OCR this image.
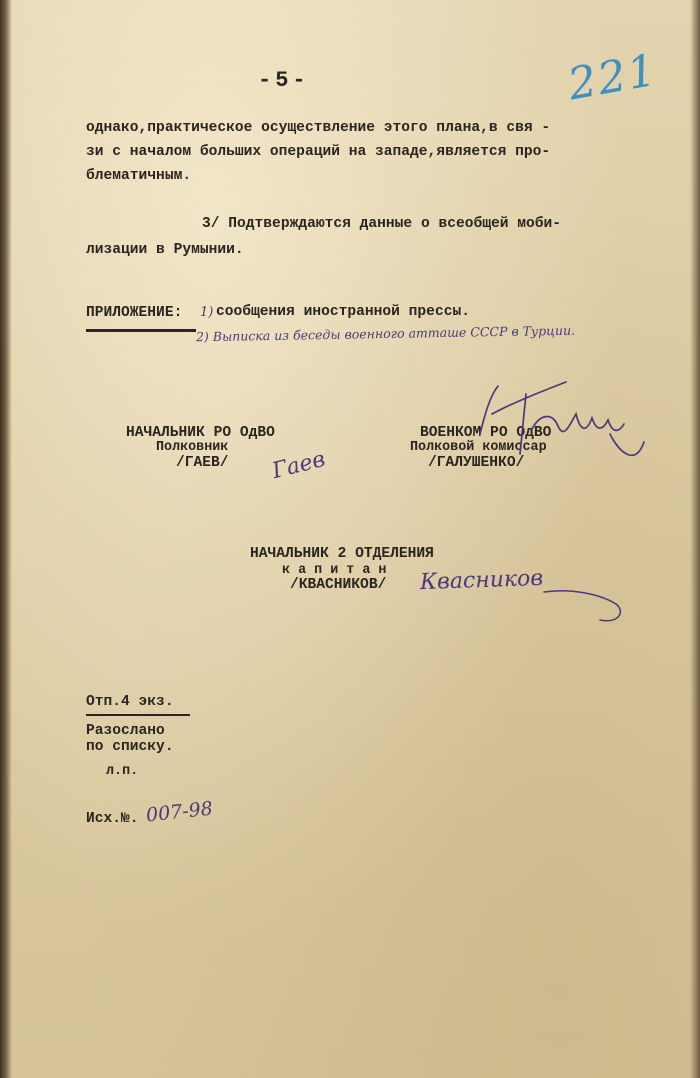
-5-	221
однако,практическое осуществление этого плана,в свя -
зи с началом больших операций на западе,является про-
блематичным.
3/ Подтверждаются данные о всеобщей моби-
лизации в Румынии.
ПРИЛОЖЕНИЕ: 1) сообщения иностранной прессы.
2) Выписка из беседы военного атташе СССР в Турции.
НАЧАЛЬНИК РО ОдВО
Полковник
/ГАЕВ/ Гаев
ВОЕНКОМ РО ОдВО
Полковой комиссар
/ГАЛУШЕНКО/
НАЧАЛЬНИК 2 ОТДЕЛЕНИЯ
к а п и т а н
/КВАСНИКОВ/ Квасников
Отп.4 экз.
Разослано
по списку.
л.п.
Исх.№. 007-98
